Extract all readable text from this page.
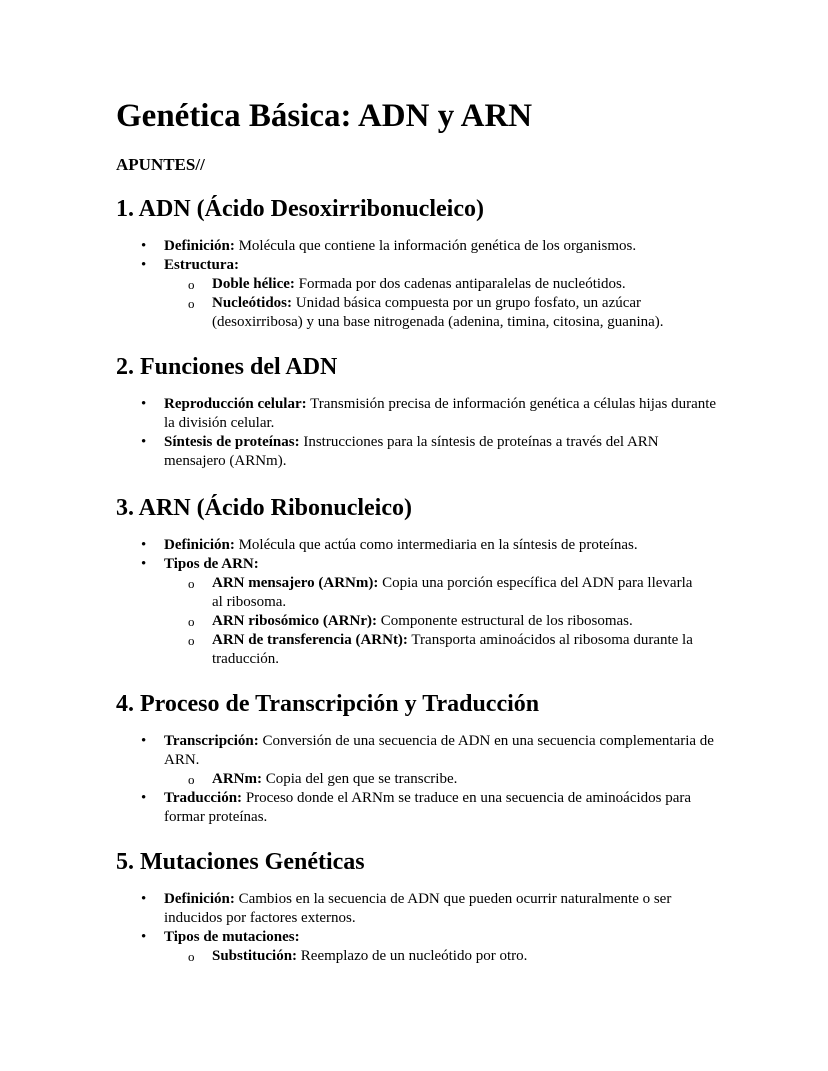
Genética Básica: ADN y ARN

APUNTES//

1. ADN (Ácido Desoxirribonucleico)
• Definición: Molécula que contiene la información genética de los organismos.
• Estructura:
o Doble hélice: Formada por dos cadenas antiparalelas de nucleótidos.
o Nucleótidos: Unidad básica compuesta por un grupo fosfato, un azúcar (desoxirribosa) y una base nitrogenada (adenina, timina, citosina, guanina).
2. Funciones del ADN
• Reproducción celular: Transmisión precisa de información genética a células hijas durante la división celular.
• Síntesis de proteínas: Instrucciones para la síntesis de proteínas a través del ARN mensajero (ARNm).
3. ARN (Ácido Ribonucleico)
• Definición: Molécula que actúa como intermediaria en la síntesis de proteínas.
• Tipos de ARN:
o ARN mensajero (ARNm): Copia una porción específica del ADN para llevarla al ribosoma.
o ARN ribosómico (ARNr): Componente estructural de los ribosomas.
o ARN de transferencia (ARNt): Transporta aminoácidos al ribosoma durante la traducción.
4. Proceso de Transcripción y Traducción
• Transcripción: Conversión de una secuencia de ADN en una secuencia complementaria de ARN.
o ARNm: Copia del gen que se transcribe.
• Traducción: Proceso donde el ARNm se traduce en una secuencia de aminoácidos para formar proteínas.
5. Mutaciones Genéticas
• Definición: Cambios en la secuencia de ADN que pueden ocurrir naturalmente o ser inducidos por factores externos.
• Tipos de mutaciones:
o Substitución: Reemplazo de un nucleótido por otro.
